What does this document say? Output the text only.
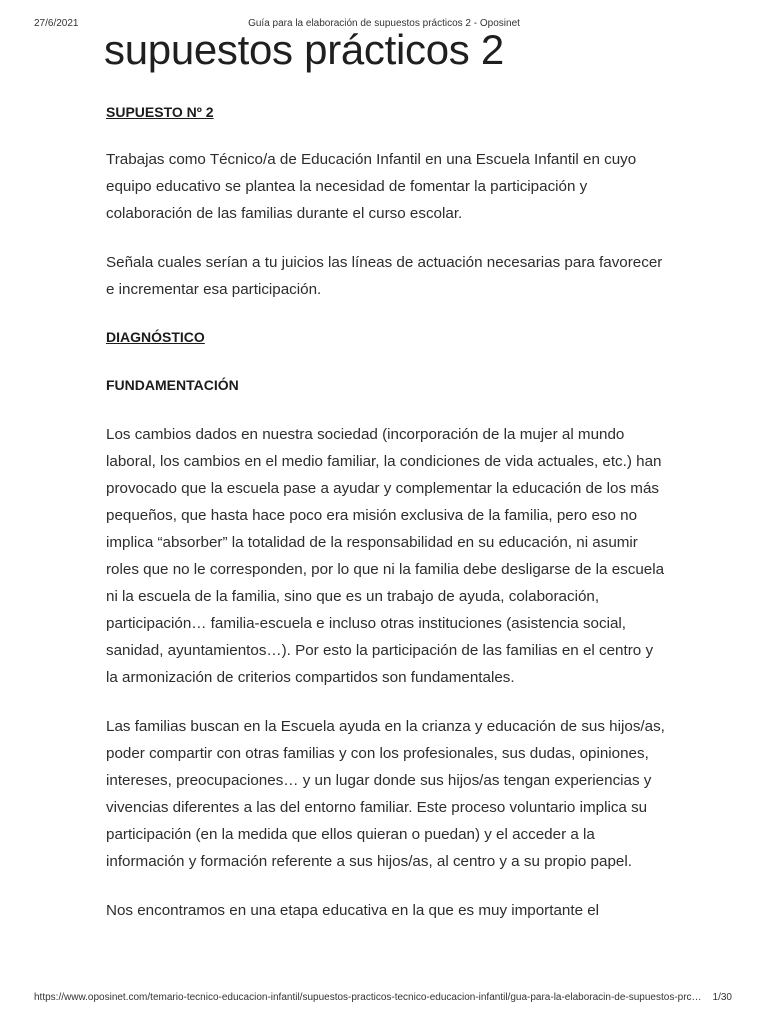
27/6/2021	Guía para la elaboración de supuestos prácticos 2 - Oposinet
supuestos prácticos 2
SUPUESTO Nº 2

Trabajas como Técnico/a de Educación Infantil en una Escuela Infantil en cuyo equipo educativo se plantea la necesidad de fomentar la participación y colaboración de las familias durante el curso escolar.

Señala cuales serían a tu juicios las líneas de actuación necesarias para favorecer e incrementar esa participación.

DIAGNÓSTICO
FUNDAMENTACIÓN

Los cambios dados en nuestra sociedad (incorporación de la mujer al mundo laboral, los cambios en el medio familiar, la condiciones de vida actuales, etc.) han provocado que la escuela pase a ayudar y complementar la educación de los más pequeños, que hasta hace poco era misión exclusiva de la familia, pero eso no implica “absorber” la totalidad de la responsabilidad en su educación, ni asumir roles que no le corresponden, por lo que ni la familia debe desligarse de la escuela ni la escuela de la familia, sino que es un trabajo de ayuda, colaboración, participación… familia-escuela e incluso otras instituciones (asistencia social, sanidad, ayuntamientos…). Por esto la participación de las familias en el centro y la armonización de criterios compartidos son fundamentales.

Las familias buscan en la Escuela ayuda en la crianza y educación de sus hijos/as, poder compartir con otras familias y con los profesionales, sus dudas, opiniones, intereses, preocupaciones… y un lugar donde sus hijos/as tengan experiencias y vivencias diferentes a las del entorno familiar. Este proceso voluntario implica su participación (en la medida que ellos quieran o puedan) y el acceder a la información y formación referente a sus hijos/as, al centro y a su propio papel.

Nos encontramos en una etapa educativa en la que es muy importante el

https://www.oposinet.com/temario-tecnico-educacion-infantil/supuestos-practicos-tecnico-educacion-infantil/gua-para-la-elaboracin-de-supuestos-prc… 1/30
